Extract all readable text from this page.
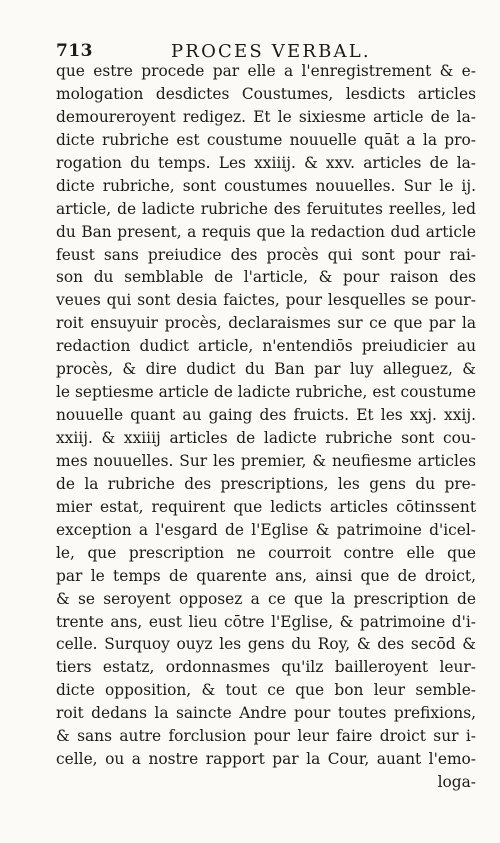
713	PROCES VERBAL.
que estre procede par elle a l'enregistrement & e-
mologation desdictes Coustumes, lesdicts articles
demoureroyent redigez. Et le sixiesme article de la-
dicte rubriche est coustume nouuelle quāt a la pro-
rogation du temps. Les xxiiij. & xxv. articles de la-
dicte rubriche, sont coustumes nouuelles. Sur le ij.
article, de ladicte rubriche des feruitutes reelles, led
du Ban present, a requis que la redaction dud article
feust sans preiudice des procès qui sont pour rai-
son du semblable de l'article, & pour raison des
veues qui sont desia faictes, pour lesquelles se pour-
roit ensuyuir procès, declaraismes sur ce que par la
redaction dudict article, n'entendiōs preiudicier au
procès, & dire dudict du Ban par luy alleguez, &
le septiesme article de ladicte rubriche, est coustume
nouuelle quant au gaing des fruicts. Et les xxj. xxij.
xxiij. & xxiiij articles de ladicte rubriche sont cou-
mes nouuelles. Sur les premier, & neufiesme articles
de la rubriche des prescriptions, les gens du pre-
mier estat, requirent que ledicts articles cōtinssent
exception a l'esgard de l'Eglise & patrimoine d'icel-
le, que prescription ne courroit contre elle que
par le temps de quarente ans, ainsi que de droict,
& se seroyent opposez a ce que la prescription de
trente ans, eust lieu cōtre l'Eglise, & patrimoine d'i-
celle. Surquoy ouyz les gens du Roy, & des secōd &
tiers estatz, ordonnasmes qu'ilz bailleroyent leur-
dicte opposition, & tout ce que bon leur semble-
roit dedans la saincte Andre pour toutes prefixions,
& sans autre forclusion pour leur faire droict sur i-
celle, ou a nostre rapport par la Cour, auant l'emo-
loga-
